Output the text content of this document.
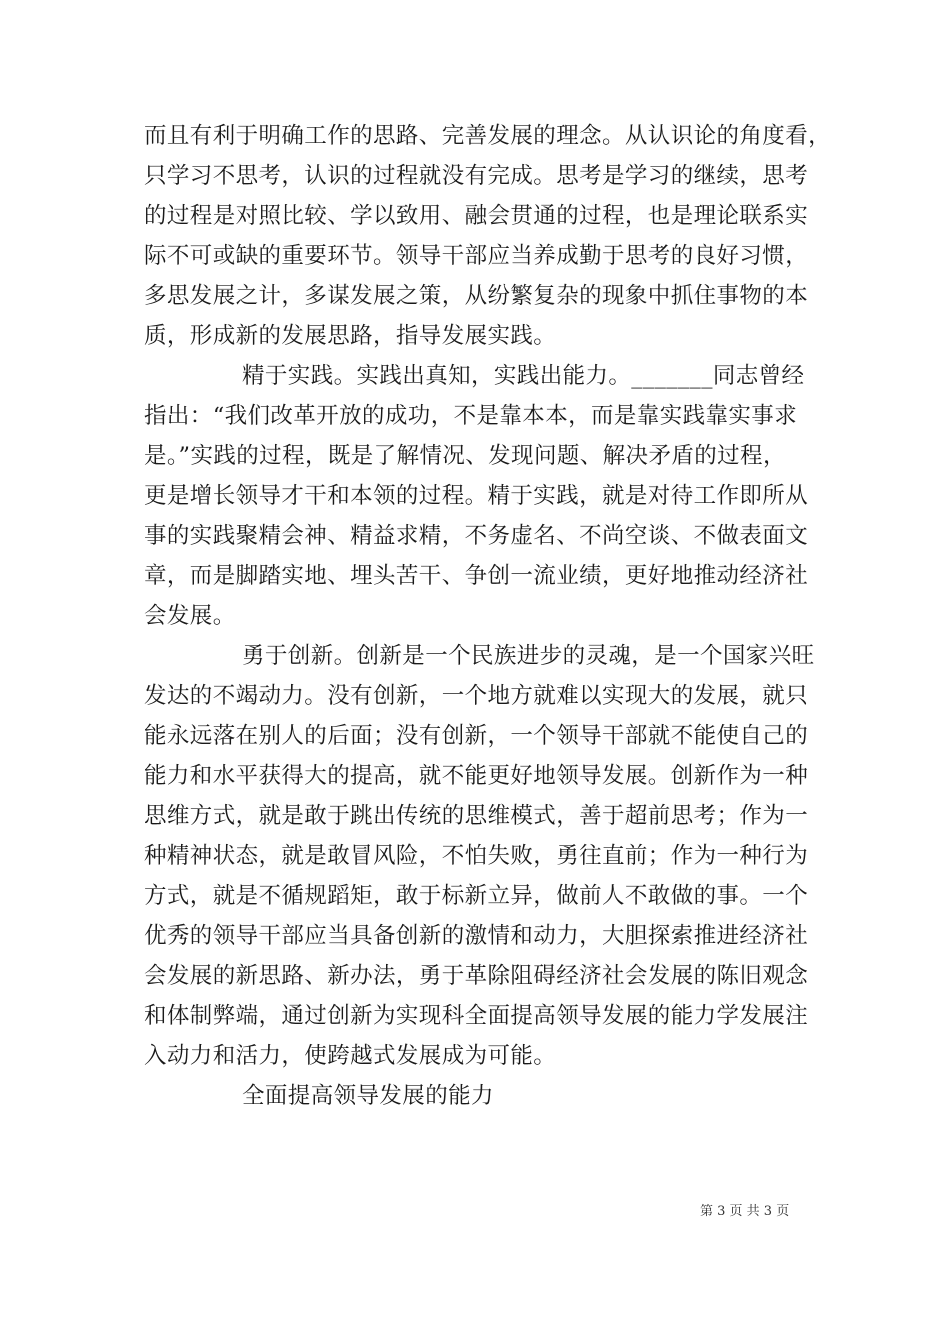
而且有利于明确工作的思路、完善发展的理念。从认识论的角度看，
只学习不思考，认识的过程就没有完成。思考是学习的继续，思考
的过程是对照比较、学以致用、融会贯通的过程，也是理论联系实
际不可或缺的重要环节。领导干部应当养成勤于思考的良好习惯，
多思发展之计，多谋发展之策，从纷繁复杂的现象中抓住事物的本
质，形成新的发展思路，指导发展实践。
精于实践。实践出真知，实践出能力。_______同志曾经
指出：“我们改革开放的成功，不是靠本本，而是靠实践靠实事求
是。”实践的过程，既是了解情况、发现问题、解决矛盾的过程，
更是增长领导才干和本领的过程。精于实践，就是对待工作即所从
事的实践聚精会神、精益求精，不务虚名、不尚空谈、不做表面文
章，而是脚踏实地、埋头苦干、争创一流业绩，更好地推动经济社
会发展。
勇于创新。创新是一个民族进步的灵魂，是一个国家兴旺
发达的不竭动力。没有创新，一个地方就难以实现大的发展，就只
能永远落在别人的后面；没有创新，一个领导干部就不能使自己的
能力和水平获得大的提高，就不能更好地领导发展。创新作为一种
思维方式，就是敢于跳出传统的思维模式，善于超前思考；作为一
种精神状态，就是敢冒风险，不怕失败，勇往直前；作为一种行为
方式，就是不循规蹈矩，敢于标新立异，做前人不敢做的事。一个
优秀的领导干部应当具备创新的激情和动力，大胆探索推进经济社
会发展的新思路、新办法，勇于革除阻碍经济社会发展的陈旧观念
和体制弊端，通过创新为实现科全面提高领导发展的能力学发展注
入动力和活力，使跨越式发展成为可能。
全面提高领导发展的能力
第 3 页 共 3 页
